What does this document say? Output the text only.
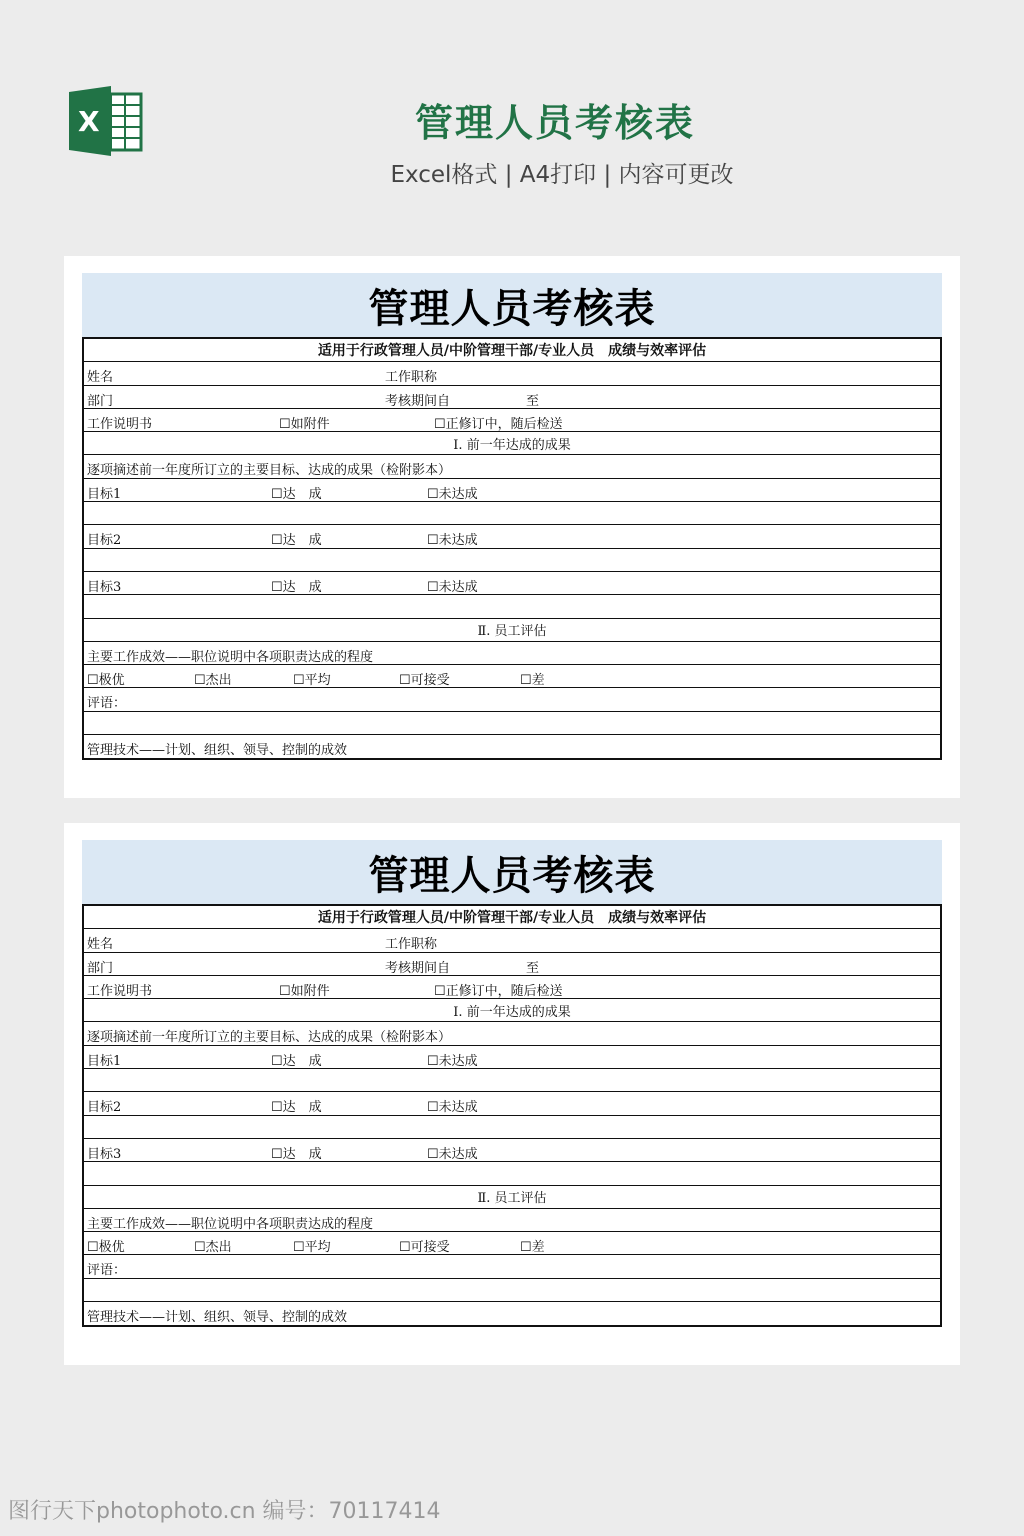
X	管理人员考核表
Excel格式 | A4打印 | 内容可更改
管理人员考核表
适用于行政管理人员/中阶管理干部/专业人员　成绩与效率评估
姓名	工作职称
部门	考核期间自	至
工作说明书	☐如附件	☐正修订中，随后检送
Ⅰ. 前一年达成的成果
逐项摘述前一年度所订立的主要目标、达成的成果（检附影本）
目标1	☐达　成	☐未达成
目标2	☐达　成	☐未达成
目标3	☐达　成	☐未达成
Ⅱ. 员工评估
主要工作成效——职位说明中各项职责达成的程度
☐极优	☐杰出	☐平均	☐可接受	☐差
评语：
管理技术——计划、组织、领导、控制的成效
管理人员考核表
适用于行政管理人员/中阶管理干部/专业人员　成绩与效率评估
姓名	工作职称
部门	考核期间自	至
工作说明书	☐如附件	☐正修订中，随后检送
Ⅰ. 前一年达成的成果
逐项摘述前一年度所订立的主要目标、达成的成果（检附影本）
目标1	☐达　成	☐未达成
目标2	☐达　成	☐未达成
目标3	☐达　成	☐未达成
Ⅱ. 员工评估
主要工作成效——职位说明中各项职责达成的程度
☐极优	☐杰出	☐平均	☐可接受	☐差
评语：
管理技术——计划、组织、领导、控制的成效
图行天下photophoto.cn 编号：70117414
